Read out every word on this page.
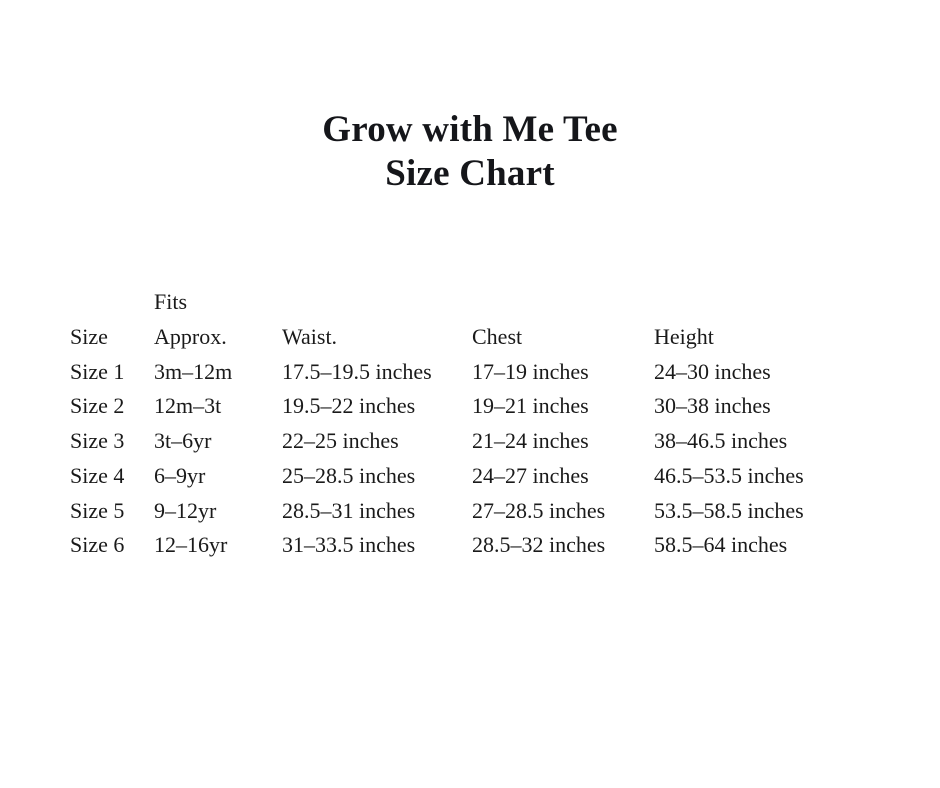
Grow with Me Tee
Size Chart
	Fits			
Size	Approx.	Waist.	Chest	Height
Size 1	3m–12m	17.5–19.5 inches	17–19 inches	24–30 inches
Size 2	12m–3t	19.5–22 inches	19–21 inches	30–38 inches
Size 3	3t–6yr	22–25 inches	21–24 inches	38–46.5 inches
Size 4	6–9yr	25–28.5 inches	24–27 inches	46.5–53.5 inches
Size 5	9–12yr	28.5–31 inches	27–28.5 inches	53.5–58.5 inches
Size 6	12–16yr	31–33.5 inches	28.5–32 inches	58.5–64 inches
